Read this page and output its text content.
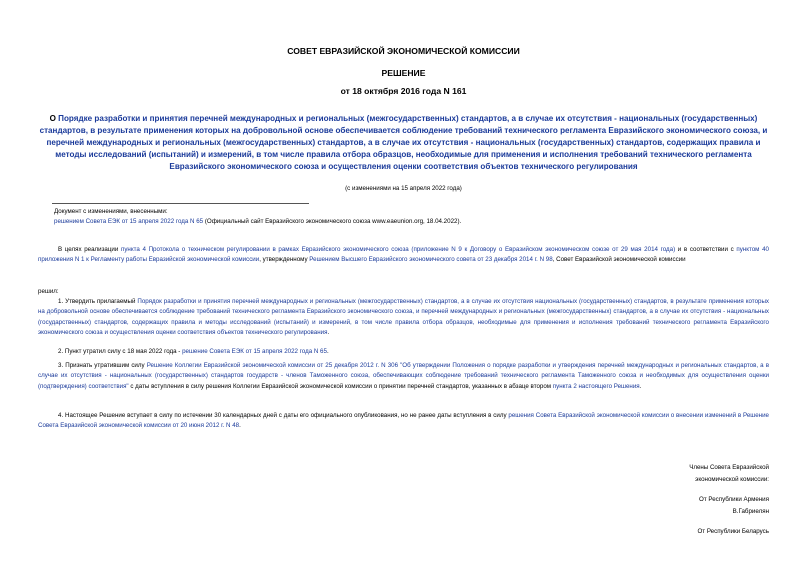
СОВЕТ ЕВРАЗИЙСКОЙ ЭКОНОМИЧЕСКОЙ КОМИССИИ
РЕШЕНИЕ
от 18 октября 2016 года N 161
О Порядке разработки и принятия перечней международных и региональных (межгосударственных) стандартов, а в случае их отсутствия - национальных (государственных) стандартов, в результате применения которых на добровольной основе обеспечивается соблюдение требований технического регламента Евразийского экономического союза, и перечней международных и региональных (межгосударственных) стандартов, а в случае их отсутствия - национальных (государственных) стандартов, содержащих правила и методы исследований (испытаний) и измерений, в том числе правила отбора образцов, необходимые для применения и исполнения требований технического регламента Евразийского экономического союза и осуществления оценки соответствия объектов технического регулирования
(с изменениями на 15 апреля 2022 года)
Документ с изменениями, внесенными:
решением Совета ЕЭК от 15 апреля 2022 года N 65 (Официальный сайт Евразийского экономического союза www.eaeunion.org, 18.04.2022).
В целях реализации пункта 4 Протокола о техническом регулировании в рамках Евразийского экономического союза (приложение N 9 к Договору о Евразийском экономическом союзе от 29 мая 2014 года) и в соответствии с пунктом 40 приложения N 1 к Регламенту работы Евразийской экономической комиссии, утвержденному Решением Высшего Евразийского экономического совета от 23 декабря 2014 г. N 98, Совет Евразийской экономической комиссии
решил:
1. Утвердить прилагаемый Порядок разработки и принятия перечней международных и региональных (межгосударственных) стандартов, а в случае их отсутствия национальных (государственных) стандартов, в результате применения которых на добровольной основе обеспечивается соблюдение требований технического регламента Евразийского экономического союза, и перечней международных и региональных (межгосударственных) стандартов, а в случае их отсутствия - национальных (государственных) стандартов, содержащих правила и методы исследований (испытаний) и измерений, в том числе правила отбора образцов, необходимые для применения и исполнения требований технического регламента Евразийского экономического союза и осуществления оценки соответствия объектов технического регулирования.
2. Пункт утратил силу с 18 мая 2022 года - решение Совета ЕЭК от 15 апреля 2022 года N 65.
3. Признать утратившим силу Решение Коллегии Евразийской экономической комиссии от 25 декабря 2012 г. N 306 "Об утверждении Положения о порядке разработки и утверждения перечней международных и региональных стандартов, а в случае их отсутствия - национальных (государственных) стандартов государств - членов Таможенного союза, обеспечивающих соблюдение требований технического регламента Таможенного союза и необходимых для осуществления оценки (подтверждения) соответствия" с даты вступления в силу решения Коллегии Евразийской экономической комиссии о принятии перечней стандартов, указанных в абзаце втором пункта 2 настоящего Решения.
4. Настоящее Решение вступает в силу по истечении 30 календарных дней с даты его официального опубликования, но не ранее даты вступления в силу решения Совета Евразийской экономической комиссии о внесении изменений в Решение Совета Евразийской экономической комиссии от 20 июня 2012 г. N 48.
Члены Совета Евразийской
экономической комиссии:
От Республики Армения
В.Габриелян
От Республики Беларусь
